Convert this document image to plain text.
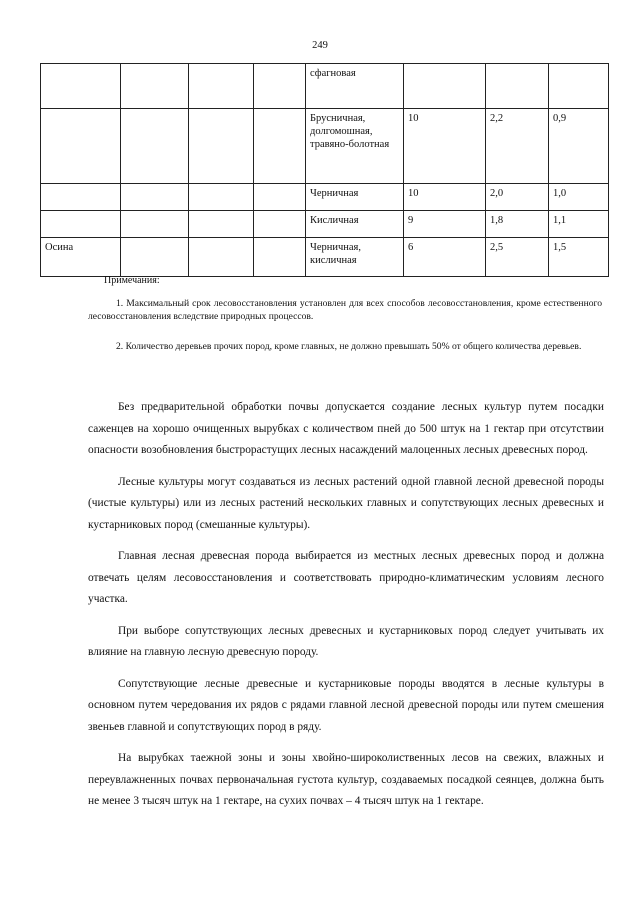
249
				сфагновая			
				Брусничная, долгомошная, травяно-болотная	10	2,2	0,9
				Черничная	10	2,0	1,0
				Кисличная	9	1,8	1,1
Осина				Черничная, кисличная	6	2,5	1,5
Примечания:
1. Максимальный срок лесовосстановления установлен для всех способов лесовосстановления, кроме естественного лесовосстановления вследствие природных процессов.
2. Количество деревьев прочих пород, кроме главных, не должно превышать 50% от общего количества деревьев.

Без предварительной обработки почвы допускается создание лесных культур путем посадки саженцев на хорошо очищенных вырубках с количеством пней до 500 штук на 1 гектар при отсутствии опасности возобновления быстрорастущих лесных насаждений малоценных лесных древесных пород.

Лесные культуры могут создаваться из лесных растений одной главной лесной древесной породы (чистые культуры) или из лесных растений нескольких главных и сопутствующих лесных древесных и кустарниковых пород (смешанные культуры).

Главная лесная древесная порода выбирается из местных лесных древесных пород и должна отвечать целям лесовосстановления и соответствовать природно-климатическим условиям лесного участка.

При выборе сопутствующих лесных древесных и кустарниковых пород следует учитывать их влияние на главную лесную древесную породу.

Сопутствующие лесные древесные и кустарниковые породы вводятся в лесные культуры в основном путем чередования их рядов с рядами главной лесной древесной породы или путем смешения звеньев главной и сопутствующих пород в ряду.

На вырубках таежной зоны и зоны хвойно-широколиственных лесов на свежих, влажных и переувлажненных почвах первоначальная густота культур, создаваемых посадкой сеянцев, должна быть не менее 3 тысяч штук на 1 гектаре, на сухих почвах – 4 тысяч штук на 1 гектаре.
